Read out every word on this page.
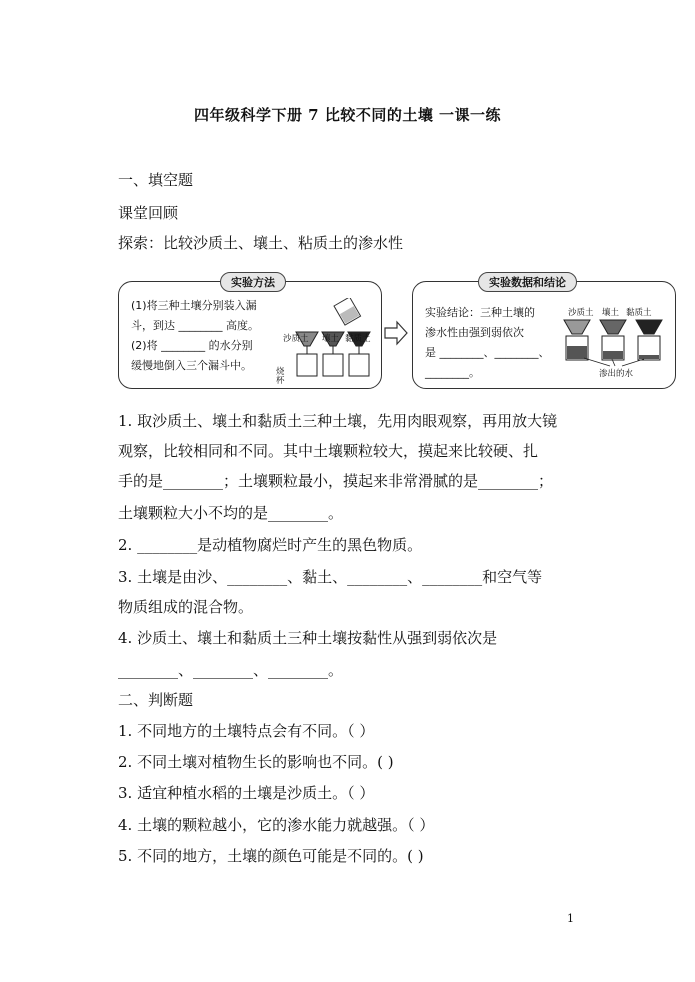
四年级科学下册 7 比较不同的土壤 一课一练
一、填空题
课堂回顾
探索：比较沙质土、壤土、粘质土的渗水性
实验方法
(1)将三种土壤分别装入漏
斗，到达 ________ 高度。
(2)将 ________ 的水分别
缓慢地倒入三个漏斗中。
沙质土 壤土 黏质土
烧杯
实验数据和结论
实验结论：三种土壤的
渗水性由强到弱依次
是 ________、________、
________。
沙质土 壤土 黏质土
渗出的水
1. 取沙质土、壤土和黏质土三种土壤，先用肉眼观察，再用放大镜
观察，比较相同和不同。其中土壤颗粒较大，摸起来比较硬、扎
手的是________；土壤颗粒最小，摸起来非常滑腻的是________；
土壤颗粒大小不均的是________。
2. ________是动植物腐烂时产生的黑色物质。
3. 土壤是由沙、________、黏土、________、________和空气等
物质组成的混合物。
4. 沙质土、壤土和黏质土三种土壤按黏性从强到弱依次是
________、________、________。
二、判断题
1. 不同地方的土壤特点会有不同。（ ）
2. 不同土壤对植物生长的影响也不同。( )
3. 适宜种植水稻的土壤是沙质土。（ ）
4. 土壤的颗粒越小，它的渗水能力就越强。（ ）
5. 不同的地方，土壤的颜色可能是不同的。( )
1
